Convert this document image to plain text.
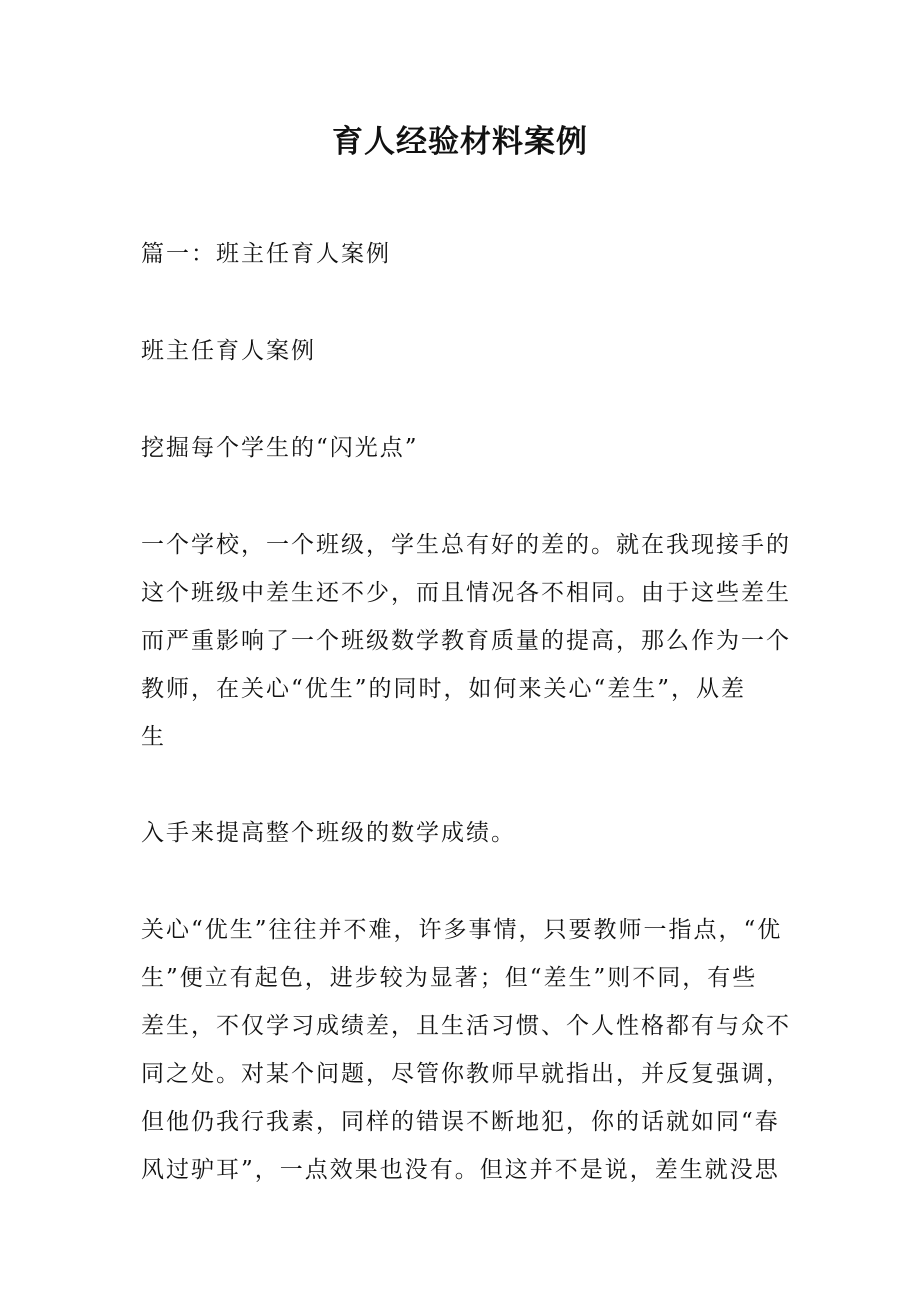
育人经验材料案例

篇一：班主任育人案例

班主任育人案例

挖掘每个学生的“闪光点”

一个学校，一个班级，学生总有好的差的。就在我现接手的

这个班级中差生还不少，而且情况各不相同。由于这些差生

而严重影响了一个班级数学教育质量的提高，那么作为一个

教师，在关心“优生”的同时，如何来关心“差生”，从差

生

入手来提高整个班级的数学成绩。

关心“优生”往往并不难，许多事情，只要教师一指点，“优

生”便立有起色，进步较为显著；但“差生”则不同，有些

差生，不仅学习成绩差，且生活习惯、个人性格都有与众不

同之处。对某个问题，尽管你教师早就指出，并反复强调，

但他仍我行我素，同样的错误不断地犯，你的话就如同“春

风过驴耳”，一点效果也没有。但这并不是说，差生就没思
